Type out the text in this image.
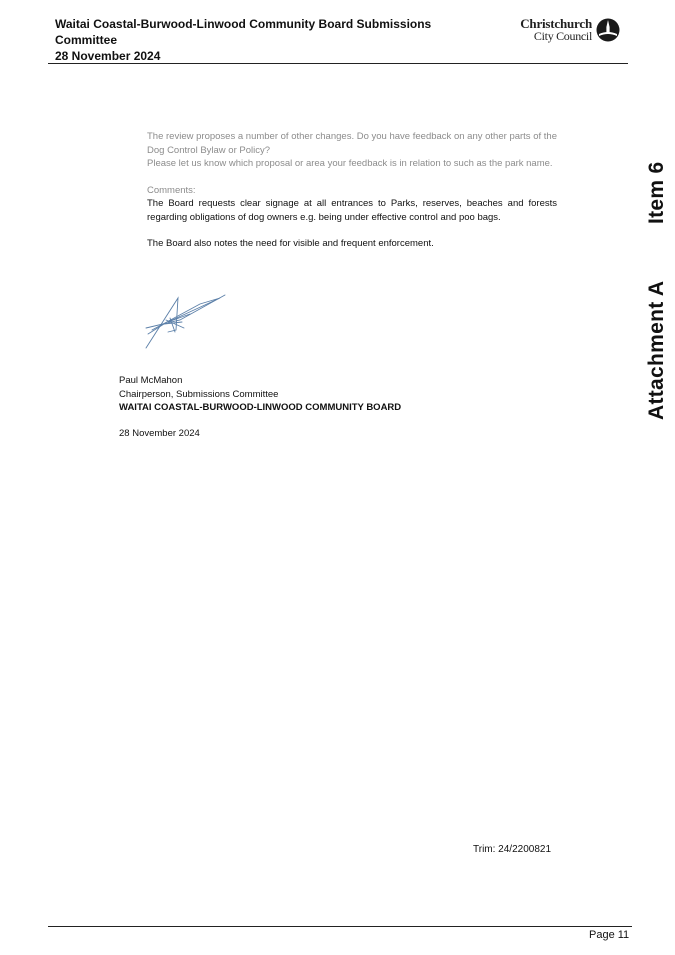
Waitai Coastal-Burwood-Linwood Community Board Submissions Committee
28 November 2024
Christchurch
City Council
Item 6
Attachment A
The review proposes a number of other changes. Do you have feedback on any other parts of the Dog Control Bylaw or Policy?
Please let us know which proposal or area your feedback is in relation to such as the park name.
Comments:
The Board requests clear signage at all entrances to Parks, reserves, beaches and forests regarding obligations of dog owners e.g. being under effective control and poo bags.
The Board also notes the need for visible and frequent enforcement.
Paul McMahon
Chairperson, Submissions Committee
WAITAI COASTAL-BURWOOD-LINWOOD COMMUNITY BOARD
28 November 2024
Trim: 24/2200821
Page 11
